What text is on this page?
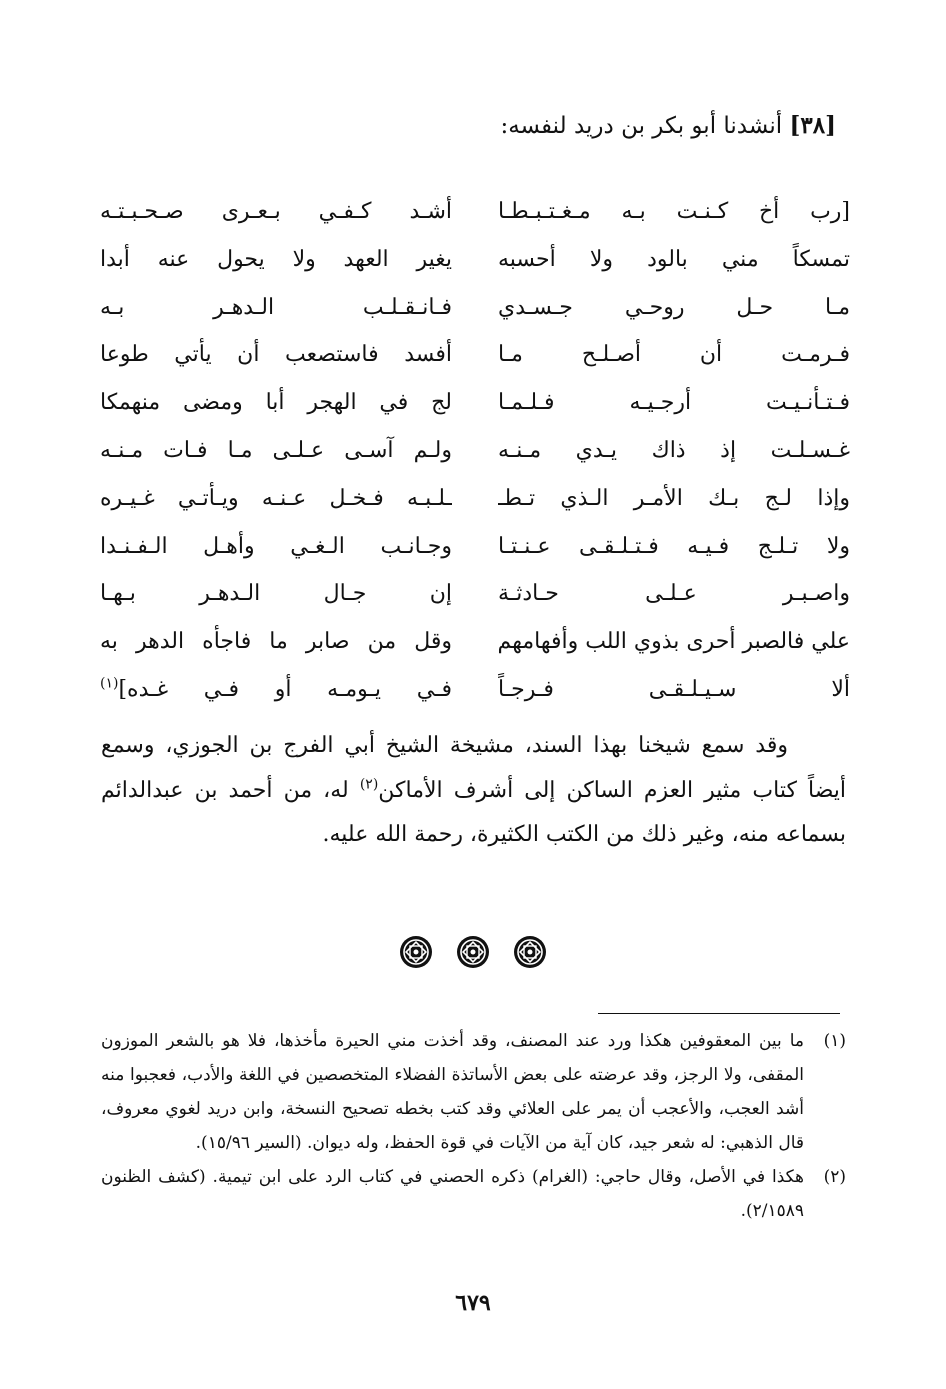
[٣٨] أنشدنا أبو بكر بن دريد لنفسه:
[رب أخ كـنـت بـه مـغـتـبـطـا
تمسكاً مني بالود ولا أحسبه
مـا حـل روحـي جـسـدي
فـرمـت أن أصـلـح مـا
فـتـأنـيـت أرجـيـه فـلـمـا
غـسـلـت إذ ذاك يـدي مـنـه
وإذا لـج بـك الأمـر الـذي تـطـ
ولا تـلـج فـيـه فـتـلـقـى عـنـتـا
واصـبـر عـلـى حـادثـة
علي فالصبر أحرى بذوي اللب وأفهامهم
ألا سـيـلـقـى فـرجـاً
أشـد كـفـي بـعـرى صـحـبـتـه
يغير العهد ولا يحول عنه أبدا
فـانـقـلـب الـدهـر بـه
أفسد فاستصعب أن يأتي طوعا
لج في الهجر أبا ومضى منهمكا
ولـم آسـى عـلـى مـا فـات مـنـه
ـلـبـه فـخـل عـنـه ويـأتـي غـيـره
وجـانـب الـغـي وأهـل الـفـنـدا
إن جـال الـدهـر بـهـا
وقل من صابر ما فاجأه الدهر به
فـي يـومـه أو فـي غـده]$^{(١)}$

وقد سمع شيخنا بهذا السند، مشيخة الشيخ أبي الفرج بن الجوزي، وسمع أيضاً كتاب مثير العزم الساكن إلى أشرف الأماكن$^{(٢)}$ له، من أحمد بن عبدالدائم بسماعه منه، وغير ذلك من الكتب الكثيرة، رحمة الله عليه.

(١)
ما بين المعقوفين هكذا ورد عند المصنف، وقد أخذت مني الحيرة مأخذها، فلا هو بالشعر الموزون المقفى، ولا الرجز، وقد عرضته على بعض الأساتذة الفضلاء المتخصصين في اللغة والأدب، فعجبوا منه أشد العجب، والأعجب أن يمر على العلائي وقد كتب بخطه تصحيح النسخة، وابن دريد لغوي معروف، قال الذهبي: له شعر جيد، كان آية من الآيات في قوة الحفظ، وله ديوان. (السير ١٥/٩٦).
(٢)
هكذا في الأصل، وقال حاجي: (الغرام) ذكره الحصني في كتاب الرد على ابن تيمية. (كشف الظنون ٢/١٥٨٩).
٦٧٩
